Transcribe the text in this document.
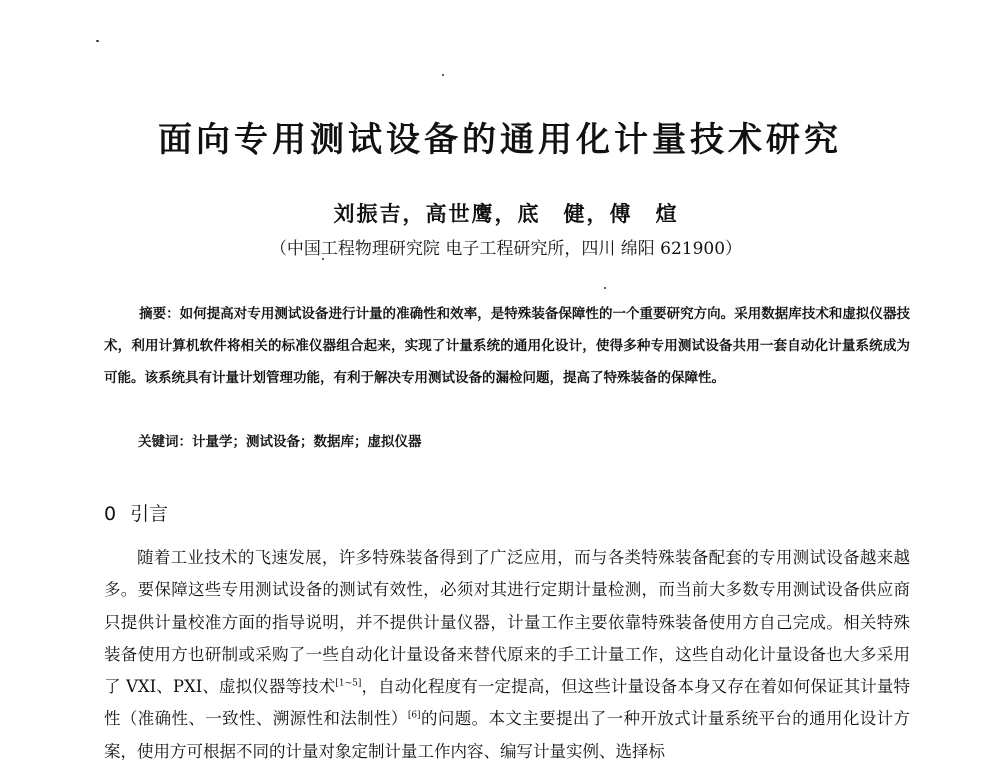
面向专用测试设备的通用化计量技术研究
刘振吉，高世鹰，底　健，傅　煊
（中国工程物理研究院 电子工程研究所，四川 绵阳 621900）
摘要：如何提高对专用测试设备进行计量的准确性和效率，是特殊装备保障性的一个重要研究方向。采用数据库技术和虚拟仪器技术，利用计算机软件将相关的标准仪器组合起来，实现了计量系统的通用化设计，使得多种专用测试设备共用一套自动化计量系统成为可能。该系统具有计量计划管理功能，有利于解决专用测试设备的漏检问题，提高了特殊装备的保障性。
关键词：计量学；测试设备；数据库；虚拟仪器
0 引言
随着工业技术的飞速发展，许多特殊装备得到了广泛应用，而与各类特殊装备配套的专用测试设备越来越多。要保障这些专用测试设备的测试有效性，必须对其进行定期计量检测，而当前大多数专用测试设备供应商只提供计量校准方面的指导说明，并不提供计量仪器，计量工作主要依靠特殊装备使用方自己完成。相关特殊装备使用方也研制或采购了一些自动化计量设备来替代原来的手工计量工作，这些自动化计量设备也大多采用了 VXI、PXI、虚拟仪器等技术[1~5]，自动化程度有一定提高，但这些计量设备本身又存在着如何保证其计量特性（准确性、一致性、溯源性和法制性）[6]的问题。本文主要提出了一种开放式计量系统平台的通用化设计方案，使用方可根据不同的计量对象定制计量工作内容、编写计量实例、选择标
